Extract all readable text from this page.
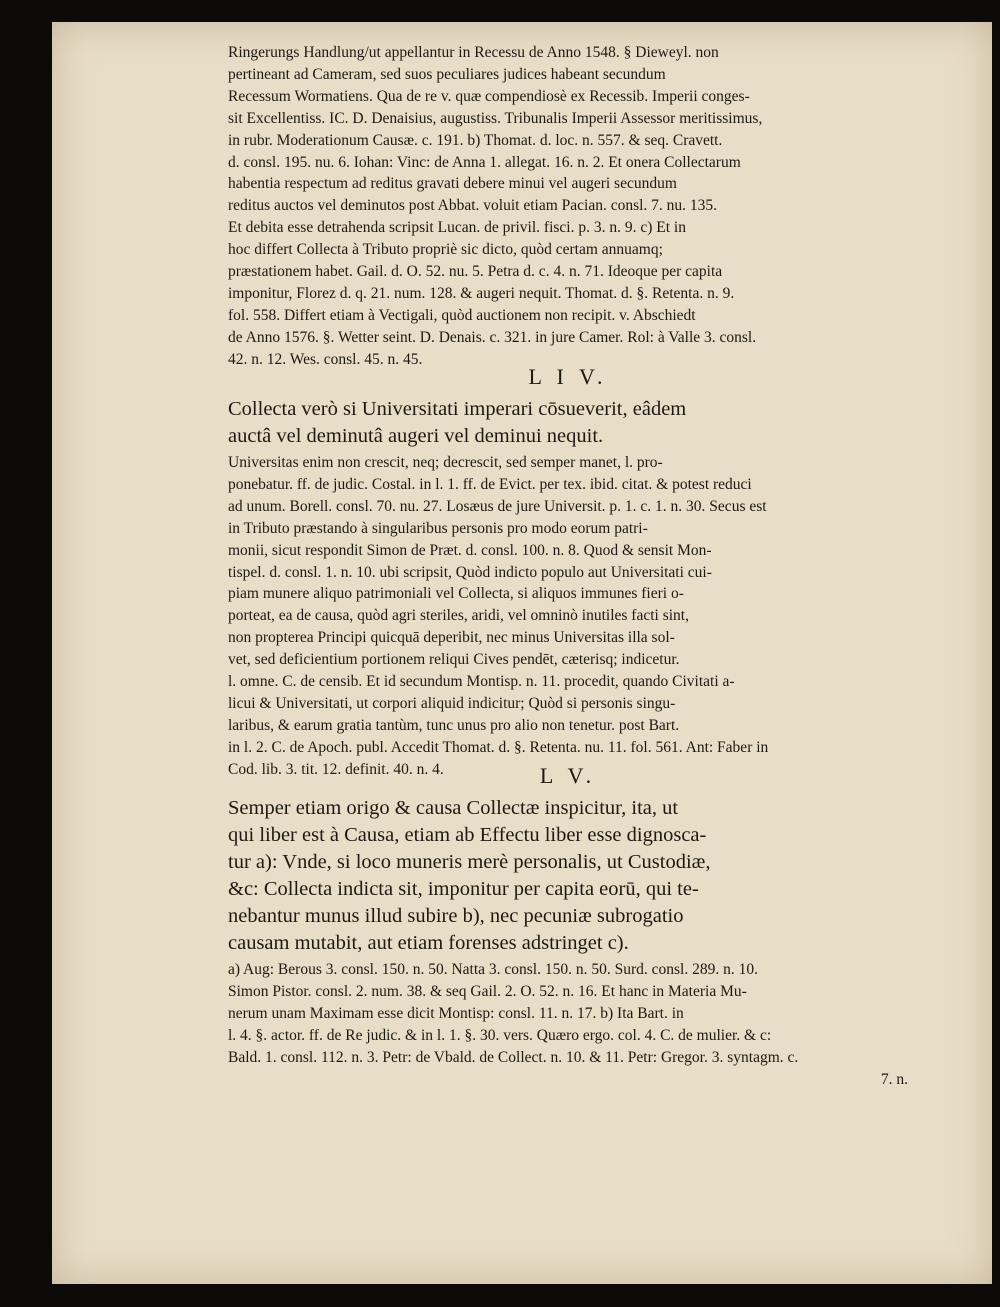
Ringerungs Handlung/ut appellantur in Recessu de Anno 1548. § Dieweyl. non
pertineant ad Cameram, sed suos peculiares judices habeant secundum
Recessum Wormatiens. Qua de re v. quæ compendiosè ex Recessib. Imperii conges-
sit Excellentiss. IC. D. Denaisius, augustiss. Tribunalis Imperii Assessor meritissimus,
in rubr. Moderationum Causæ. c. 191. b) Thomat. d. loc. n. 557. & seq. Cravett.
d. consl. 195. nu. 6. Iohan: Vinc: de Anna 1. allegat. 16. n. 2. Et onera Collectarum
habentia respectum ad reditus gravati debere minui vel augeri secundum
reditus auctos vel deminutos post Abbat. voluit etiam Pacian. consl. 7. nu. 135.
Et debita esse detrahenda scripsit Lucan. de privil. fisci. p. 3. n. 9. c) Et in
hoc differt Collecta à Tributo propriè sic dicto, quòd certam annuamq;
præstationem habet. Gail. d. O. 52. nu. 5. Petra d. c. 4. n. 71. Ideoque per capita
imponitur, Florez d. q. 21. num. 128. & augeri nequit. Thomat. d. §. Retenta. n. 9.
fol. 558. Differt etiam à Vectigali, quòd auctionem non recipit. v. Abschiedt
de Anno 1576. §. Wetter seint. D. Denais. c. 321. in jure Camer. Rol: à Valle 3. consl.
42. n. 12. Wes. consl. 45. n. 45.
L I V.
Collecta verò si Universitati imperari cōsueverit, eâdem
auctâ vel deminutâ augeri vel deminui nequit.
Universitas enim non crescit, neq; decrescit, sed semper manet, l. pro-
ponebatur. ff. de judic. Costal. in l. 1. ff. de Evict. per tex. ibid. citat. & potest reduci
ad unum. Borell. consl. 70. nu. 27. Losæus de jure Universit. p. 1. c. 1. n. 30. Secus est
in Tributo præstando à singularibus personis pro modo eorum patri-
monii, sicut respondit Simon de Præt. d. consl. 100. n. 8. Quod & sensit Mon-
tispel. d. consl. 1. n. 10. ubi scripsit, Quòd indicto populo aut Universitati cui-
piam munere aliquo patrimoniali vel Collecta, si aliquos immunes fieri o-
porteat, ea de causa, quòd agri steriles, aridi, vel omninò inutiles facti sint,
non propterea Principi quicquā deperibit, nec minus Universitas illa sol-
vet, sed deficientium portionem reliqui Cives pendēt, cæterisq; indicetur.
l. omne. C. de censib. Et id secundum Montisp. n. 11. procedit, quando Civitati a-
licui & Universitati, ut corpori aliquid indicitur; Quòd si personis singu-
laribus, & earum gratia tantùm, tunc unus pro alio non tenetur. post Bart.
in l. 2. C. de Apoch. publ. Accedit Thomat. d. §. Retenta. nu. 11. fol. 561. Ant: Faber in
Cod. lib. 3. tit. 12. definit. 40. n. 4.	L V.
Semper etiam origo & causa Collectæ inspicitur, ita, ut
qui liber est à Causa, etiam ab Effectu liber esse dignosca-
tur a): Vnde, si loco muneris merè personalis, ut Custodiæ,
&c: Collecta indicta sit, imponitur per capita eorū, qui te-
nebantur munus illud subire b), nec pecuniæ subrogatio
causam mutabit, aut etiam forenses adstringet c).
a) Aug: Berous 3. consl. 150. n. 50. Natta 3. consl. 150. n. 50. Surd. consl. 289. n. 10.
Simon Pistor. consl. 2. num. 38. & seq Gail. 2. O. 52. n. 16. Et hanc in Materia Mu-
nerum unam Maximam esse dicit Montisp: consl. 11. n. 17. b) Ita Bart. in
l. 4. §. actor. ff. de Re judic. & in l. 1. §. 30. vers. Quæro ergo. col. 4. C. de mulier. & c:
Bald. 1. consl. 112. n. 3. Petr: de Vbald. de Collect. n. 10. & 11. Petr: Gregor. 3. syntagm. c.
7. n.
